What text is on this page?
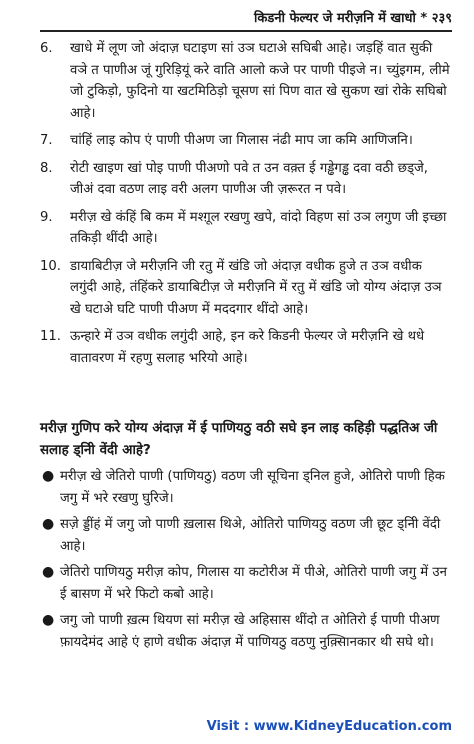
किडनी फेल्यर जे मरीज़नि में खाधो * २३९
6.	खाधे में लूण जो अंदाज़ घटाइण सां उञ घटाअे सघिबी आहे। जड़हिं वात सुकी वञे त पाणीअ जूं गुरिड़ियूं करे वाति आलो कजे पर पाणी पीइजे न। च्युंइगम, लीमे जो टुकिड़ो, फुदिनो या खटमिठिड़ो चूसण सां पिण वात खे सुकण खां रोके सघिबो आहे।
7.	चांहिं लाइ कोप एं पाणी पीअण जा गिलास नंढी माप जा कमि आणिजनि।
8.	रोटी खाइण खां पोइ पाणी पीअणो पवे त उन वक़्त ई गड्ढेगड्ढ दवा वठी छड्जे, जीअं दवा वठण लाइ वरी अलग पाणीअ जी ज़रूरत न पवे।
9.	मरीज़ खे कंहिं बि कम में मश्ग़ूल रखणु खपे, वांदो विहण सां उञ लगुण जी इच्छा तकिड़ी थींदी आहे।
10. डायाबिटीज़ जे मरीज़नि जी रतु में खंडि जो अंदाज़ वधीक हुजे त उञ वधीक लगुंदी आहे, तंहिंकरे डायाबिटीज़ जे मरीज़नि में रतु में खंडि जो योग्य अंदाज़ उञ खे घटाअे घटि पाणी पीअण में मददगार थींदो आहे।
11. ऊन्हारे में उञ वधीक लगुंदी आहे, इन करे किडनी फेल्यर जे मरीज़नि खे थधे वातावरण में रहणु सलाह भरियो आहे।
मरीज़ गुणिप करे योग्य अंदाज़ में ई पाणियठु वठी सघे इन लाइ कहिड़ी पद्धतिअ जी सलाह ड्निी वेंदी आहे?
● मरीज़ खे जेतिरो पाणी (पाणियठु) वठण जी सूचिना ड्निल हुजे, ओतिरो पाणी हिक जगु में भरे रखणु घुरिजे।
● सज़े ड्डींहं में जगु जो पाणी ख़लास थिअे, ओतिरो पाणियठु वठण जी छूट ड्निी वेंदी आहे।
● जेतिरो पाणियठु मरीज़ कोप, गिलास या कटोरीअ में पीअे, ओतिरो पाणी जगु में उन ई बासण में भरे फिटो कबो आहे।
● जगु जो पाणी ख़त्म थियण सां मरीज़ खे अहिसास थींदो त ओतिरो ई पाणी पीअण फ़ायदेमंद आहे एं हाणे वधीक अंदाज़ में पाणियठु वठणु नुक़्सिानकार थी सघे थो।
Visit : www.KidneyEducation.com
